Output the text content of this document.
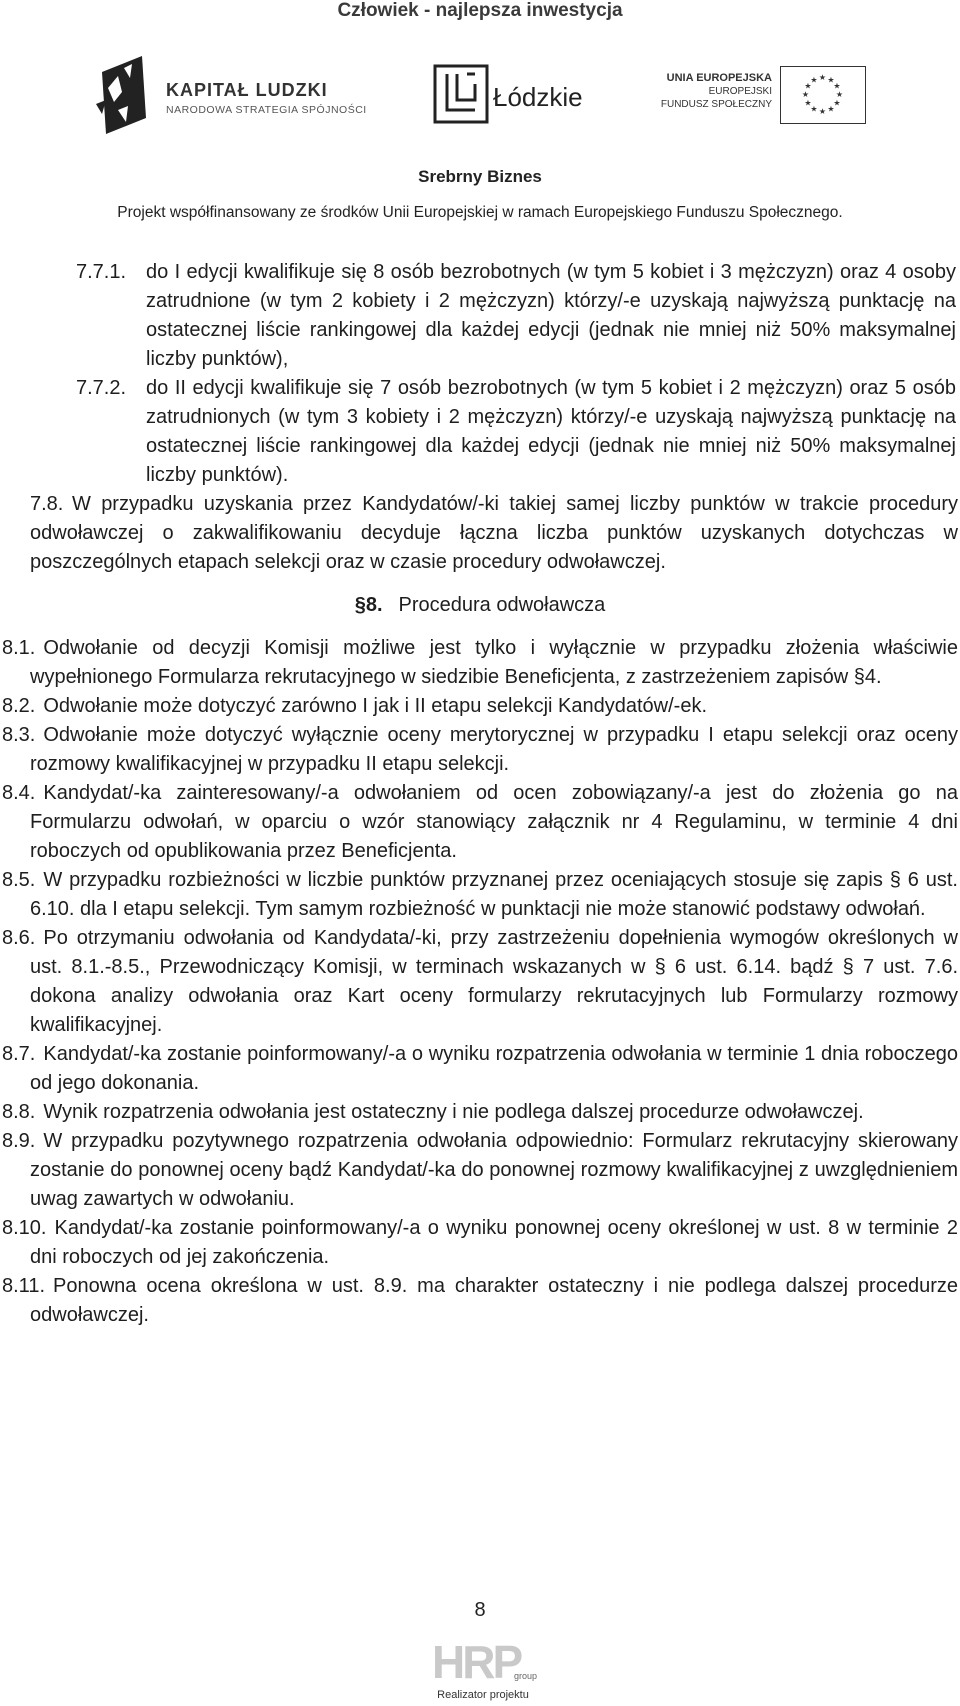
Człowiek - najlepsza inwestycja
KAPITAŁ LUDZKI
NARODOWA STRATEGIA SPÓJNOŚCI	Łódzkie
UNIA EUROPEJSKA
EUROPEJSKI
FUNDUSZ SPOŁECZNY
★ ★
★
★
★
★
★
★
★
★
★
★
Srebrny Biznes
Projekt współfinansowany ze środków Unii Europejskiej w ramach Europejskiego Funduszu Społecznego.
7.7.1. do I edycji kwalifikuje się 8 osób bezrobotnych (w tym 5 kobiet i 3 mężczyzn) oraz 4 osoby zatrudnione (w tym 2 kobiety i 2 mężczyzn) którzy/-e uzyskają najwyższą punktację na ostatecznej liście rankingowej dla każdej edycji (jednak nie mniej niż 50% maksymalnej liczby punktów),
7.7.2. do II edycji kwalifikuje się 7 osób bezrobotnych (w tym 5 kobiet i 2 mężczyzn) oraz 5 osób zatrudnionych (w tym 3 kobiety i 2 mężczyzn) którzy/-e uzyskają najwyższą punktację na ostatecznej liście rankingowej dla każdej edycji (jednak nie mniej niż 50% maksymalnej liczby punktów).
7.8. W przypadku uzyskania przez Kandydatów/-ki takiej samej liczby punktów w trakcie procedury odwoławczej o zakwalifikowaniu decyduje łączna liczba punktów uzyskanych dotychczas w poszczególnych etapach selekcji oraz w czasie procedury odwoławczej.
§8. Procedura odwoławcza
8.1. Odwołanie od decyzji Komisji możliwe jest tylko i wyłącznie w przypadku złożenia właściwie wypełnionego Formularza rekrutacyjnego w siedzibie Beneficjenta, z zastrzeżeniem zapisów §4.
8.2. Odwołanie może dotyczyć zarówno I jak i II etapu selekcji Kandydatów/-ek.
8.3. Odwołanie może dotyczyć wyłącznie oceny merytorycznej w przypadku I etapu selekcji oraz oceny rozmowy kwalifikacyjnej w przypadku II etapu selekcji.
8.4. Kandydat/-ka zainteresowany/-a odwołaniem od ocen zobowiązany/-a jest do złożenia go na Formularzu odwołań, w oparciu o wzór stanowiący załącznik nr 4 Regulaminu, w terminie 4 dni roboczych od opublikowania przez Beneficjenta.
8.5. W przypadku rozbieżności w liczbie punktów przyznanej przez oceniających stosuje się zapis § 6 ust. 6.10. dla I etapu selekcji. Tym samym rozbieżność w punktacji nie może stanowić podstawy odwołań.
8.6. Po otrzymaniu odwołania od Kandydata/-ki, przy zastrzeżeniu dopełnienia wymogów określonych w ust. 8.1.-8.5., Przewodniczący Komisji, w terminach wskazanych w § 6 ust. 6.14. bądź § 7 ust. 7.6. dokona analizy odwołania oraz Kart oceny formularzy rekrutacyjnych lub Formularzy rozmowy kwalifikacyjnej.
8.7. Kandydat/-ka zostanie poinformowany/-a o wyniku rozpatrzenia odwołania w terminie 1 dnia roboczego od jego dokonania.
8.8. Wynik rozpatrzenia odwołania jest ostateczny i nie podlega dalszej procedurze odwoławczej.
8.9. W przypadku pozytywnego rozpatrzenia odwołania odpowiednio: Formularz rekrutacyjny skierowany zostanie do ponownej oceny bądź Kandydat/-ka do ponownej rozmowy kwalifikacyjnej z uwzględnieniem uwag zawartych w odwołaniu.
8.10. Kandydat/-ka zostanie poinformowany/-a o wyniku ponownej oceny określonej w ust. 8 w terminie 2 dni roboczych od jej zakończenia.
8.11. Ponowna ocena określona w ust. 8.9. ma charakter ostateczny i nie podlega dalszej procedurze odwoławczej.
8
HRP
group
Realizator projektu
